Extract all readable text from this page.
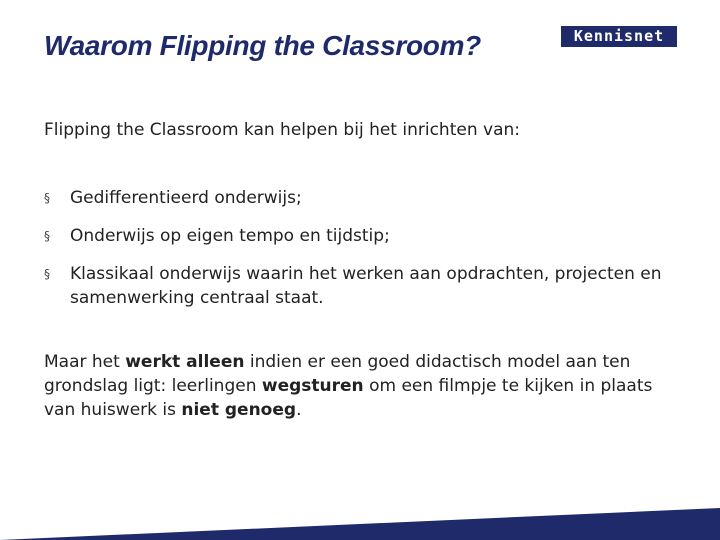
Waarom Flipping the Classroom?	Kennisnet

Flipping the Classroom kan helpen bij het inrichten van:

§ Gedifferentieerd onderwijs;
§ Onderwijs op eigen tempo en tijdstip;
§ Klassikaal onderwijs waarin het werken aan opdrachten, projecten en samenwerking centraal staat.

Maar het werkt alleen indien er een goed didactisch model aan ten grondslag ligt: leerlingen wegsturen om een filmpje te kijken in plaats van huiswerk is niet genoeg.
